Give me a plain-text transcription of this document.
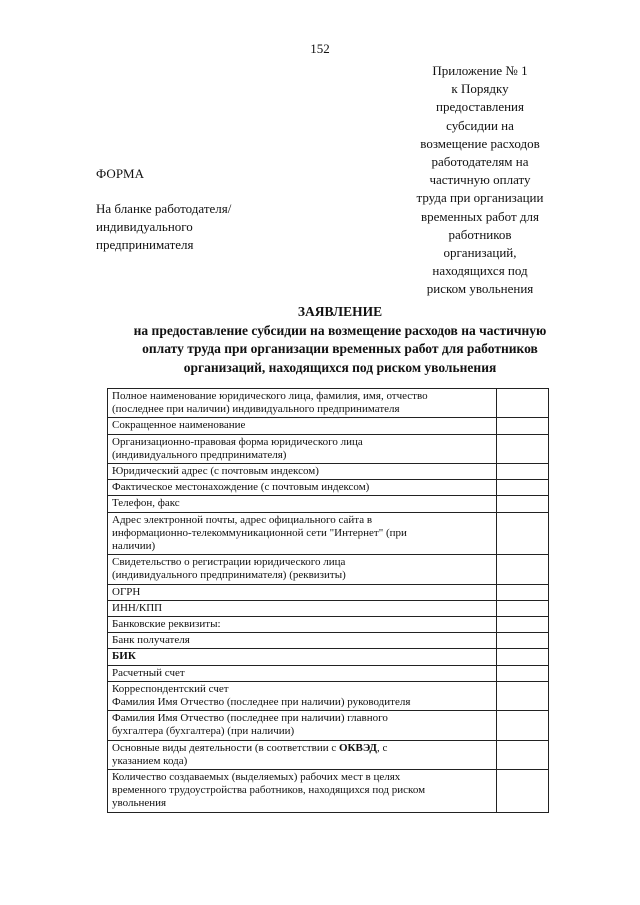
152
Приложение № 1
к Порядку
предоставления
субсидии на
возмещение расходов
работодателям на
частичную оплату
труда при организации
временных работ для
работников
организаций,
находящихся под
риском увольнения
ФОРМА
На бланке работодателя/
индивидуального
предпринимателя
ЗАЯВЛЕНИЕ
на предоставление субсидии на возмещение расходов на частичную
оплату труда при организации временных работ для работников
организаций, находящихся под риском увольнения
Полное наименование юридического лица, фамилия, имя, отчество
(последнее при наличии) индивидуального предпринимателя	

Сокращенное наименование	

Организационно-правовая форма юридического лица
(индивидуального предпринимателя)	

Юридический адрес (с почтовым индексом)	

Фактическое местонахождение (с почтовым индексом)	

Телефон, факс	

Адрес электронной почты, адрес официального сайта в
информационно-телекоммуникационной сети "Интернет" (при
наличии)	

Свидетельство о регистрации юридического лица
(индивидуального предпринимателя) (реквизиты)	

ОГРН	

ИНН/КПП	

Банковские реквизиты:	

Банк получателя	

БИК	

Расчетный счет	

Корреспондентский счет
Фамилия Имя Отчество (последнее при наличии) руководителя	

Фамилия Имя Отчество (последнее при наличии) главного
бухгалтера (бухгалтера) (при наличии)	

Основные виды деятельности (в соответствии с ОКВЭД, с
указанием кода)	

Количество создаваемых (выделяемых) рабочих мест в целях
временного трудоустройства работников, находящихся под риском
увольнения	
